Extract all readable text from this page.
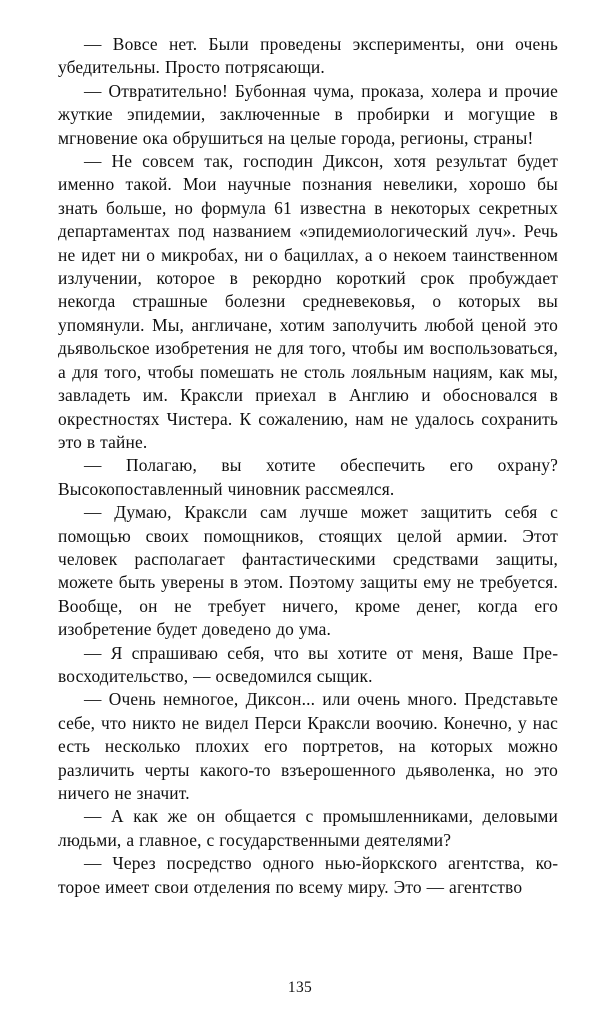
— Вовсе нет. Были проведены эксперименты, они очень убедительны. Просто потрясающи.

— Отвратительно! Бубонная чума, проказа, холера и прочие жуткие эпидемии, заключенные в пробирки и могущие в мгновение ока обрушиться на целые города, регионы, страны!

— Не совсем так, господин Диксон, хотя результат будет именно такой. Мои научные познания невелики, хорошо бы знать больше, но формула 61 известна в некоторых секретных департаментах под названием «эпидемиологический луч». Речь не идет ни о микробах, ни о бациллах, а о некоем таинственном излучении, которое в рекордно короткий срок пробуждает некогда страшные болезни средневековья, о которых вы упомянули. Мы, англичане, хотим заполучить любой ценой это дьявольское изобретения не для того, чтобы им воспользоваться, а для того, чтобы помешать не столь лояльным нациям, как мы, завладеть им. Краксли приехал в Англию и обосновался в окрестностях Чистера. К сожалению, нам не удалось сохранить это в тайне.

— Полагаю, вы хотите обеспечить его охрану? Высокопоставленный чиновник рассмеялся.

— Думаю, Краксли сам лучше может защитить себя с помощью своих помощников, стоящих целой армии. Этот человек располагает фантастическими средствами защиты, можете быть уверены в этом. Поэтому защиты ему не требуется. Вообще, он не требует ничего, кроме денег, когда его изобретение будет доведено до ума.

— Я спрашиваю себя, что вы хотите от меня, Ваше Превосходительство, — осведомился сыщик.

— Очень немногое, Диксон... или очень много. Представьте себе, что никто не видел Перси Краксли воочию. Конечно, у нас есть несколько плохих его портретов, на которых можно различить черты какого-то взъерошенного дьяволенка, но это ничего не значит.

— А как же он общается с промышленниками, деловыми людьми, а главное, с государственными деятелями?

— Через посредство одного нью-йоркского агентства, которое имеет свои отделения по всему миру. Это — агентство

135
